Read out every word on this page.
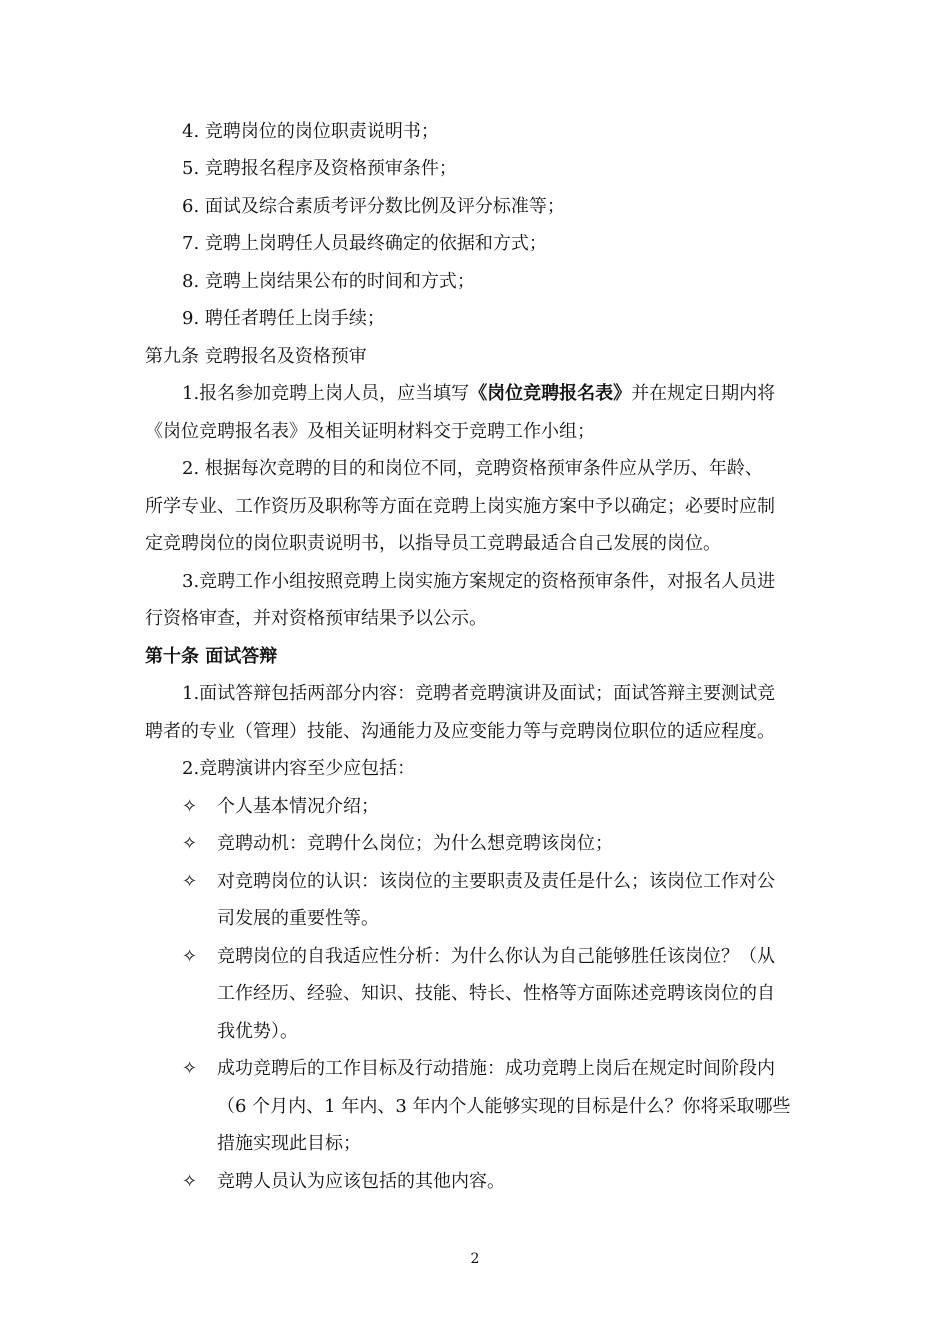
4. 竞聘岗位的岗位职责说明书；
5. 竞聘报名程序及资格预审条件；
6. 面试及综合素质考评分数比例及评分标准等；
7. 竞聘上岗聘任人员最终确定的依据和方式；
8. 竞聘上岗结果公布的时间和方式；
9. 聘任者聘任上岗手续；
第九条 竞聘报名及资格预审
1.报名参加竞聘上岗人员，应当填写《岗位竞聘报名表》并在规定日期内将
《岗位竞聘报名表》及相关证明材料交于竞聘工作小组；
2. 根据每次竞聘的目的和岗位不同，竞聘资格预审条件应从学历、年龄、
所学专业、工作资历及职称等方面在竞聘上岗实施方案中予以确定；必要时应制
定竞聘岗位的岗位职责说明书，以指导员工竞聘最适合自己发展的岗位。
3.竞聘工作小组按照竞聘上岗实施方案规定的资格预审条件，对报名人员进
行资格审查，并对资格预审结果予以公示。
第十条 面试答辩
1.面试答辩包括两部分内容：竞聘者竞聘演讲及面试；面试答辩主要测试竞
聘者的专业（管理）技能、沟通能力及应变能力等与竞聘岗位职位的适应程度。
2.竞聘演讲内容至少应包括：
✧ 个人基本情况介绍；
✧ 竞聘动机：竞聘什么岗位；为什么想竞聘该岗位；
✧ 对竞聘岗位的认识：该岗位的主要职责及责任是什么；该岗位工作对公
司发展的重要性等。
✧ 竞聘岗位的自我适应性分析：为什么你认为自己能够胜任该岗位？（从
工作经历、经验、知识、技能、特长、性格等方面陈述竞聘该岗位的自
我优势）。
✧ 成功竞聘后的工作目标及行动措施：成功竞聘上岗后在规定时间阶段内
（6 个月内、1 年内、3 年内个人能够实现的目标是什么？你将采取哪些
措施实现此目标；
✧ 竞聘人员认为应该包括的其他内容。
2
